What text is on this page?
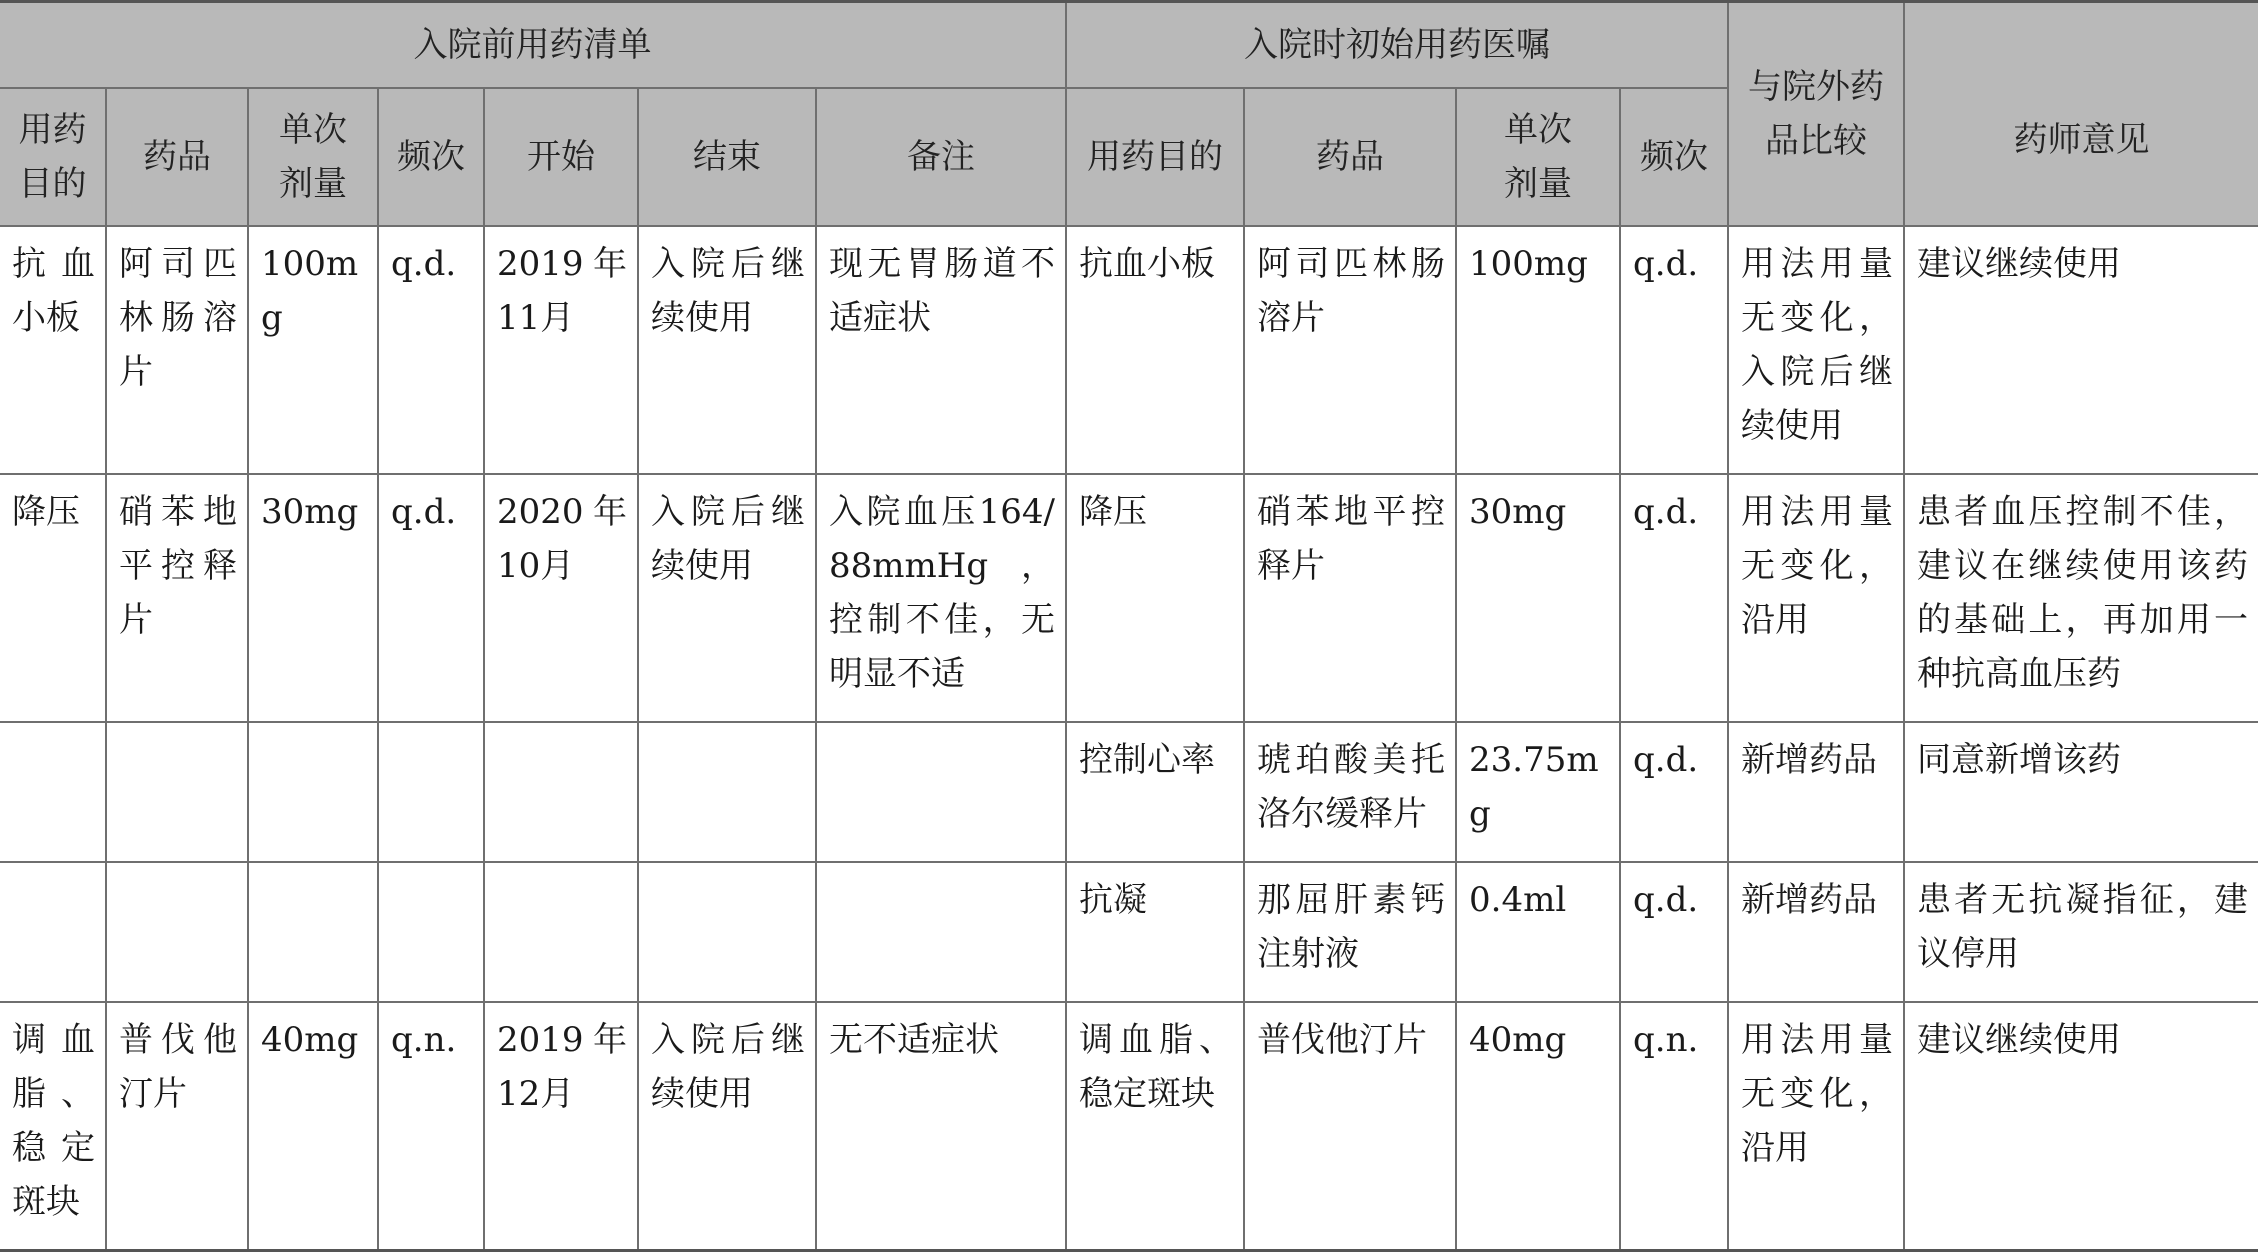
入院前用药清单							入院时初始用药医嘱				与院外药品比较	药师意见
用药目的	药品	单次剂量	频次	开始	结束	备注	用药目的	药品	单次剂量	频次		
抗血小板	阿司匹林肠溶片	100mg	q.d.	2019年11月	入院后继续使用	现无胃肠道不适症状	抗血小板	阿司匹林肠溶片	100mg	q.d.	用法用量无变化，入院后继续使用	建议继续使用
降压	硝苯地平控释片	30mg	q.d.	2020年10月	入院后继续使用	入院血压164/88mmHg，控制不佳，无明显不适	降压	硝苯地平控释片	30mg	q.d.	用法用量无变化，沿用	患者血压控制不佳，建议在继续使用该药的基础上，再加用一种抗高血压药
							控制心率	琥珀酸美托洛尔缓释片	23.75mg	q.d.	新增药品	同意新增该药
							抗凝	那屈肝素钙注射液	0.4ml	q.d.	新增药品	患者无抗凝指征，建议停用
调血脂、稳定斑块	普伐他汀片	40mg	q.n.	2019年12月	入院后继续使用	无不适症状	调血脂、稳定斑块	普伐他汀片	40mg	q.n.	用法用量无变化，沿用	建议继续使用
